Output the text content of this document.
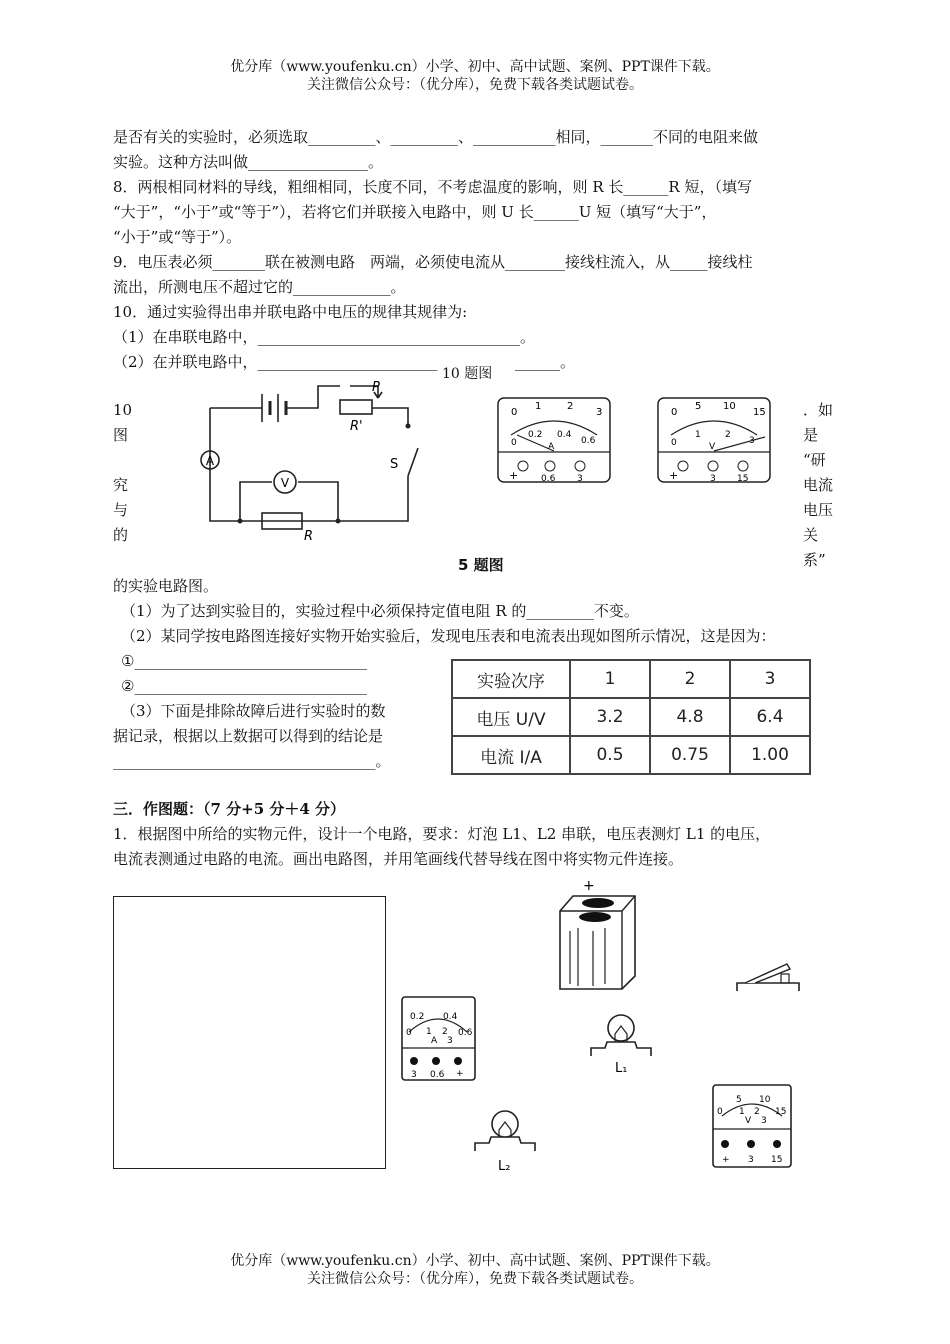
优分库（www.youfenku.cn）小学、初中、高中试题、案例、PPT课件下载。
关注微信公众号：（优分库），免费下载各类试题试卷。
是否有关的实验时，必须选取_________、_________、___________相同，_______不同的电阻来做
实验。这种方法叫做________________。
8．两根相同材料的导线，粗细相同，长度不同，不考虑温度的影响，则 R 长______R 短，（填写
“大于”，“小于”或“等于”），若将它们并联接入电路中，则 U 长______U 短（填写“大于”，
“小于”或“等于”）。
9．电压表必须_______联在被测电路　两端，必须使电流从________接线柱流入，从_____接线柱
流出，所测电压不超过它的_____________。
10．通过实验得出串并联电路中电压的规律其规律为:
（1）在串联电路中，___________________________________。
（2）在并联电路中，________________________	______。
10 题图
10
图
究
与
的
．如
是
“研
电流
电压
关
系”
P
R'
A
V
S
R
0
1	2
3
0
0.2 0.4
0.6
A
+	0.6 3
0
5 10
15
0
1	2
3
V
+	3 15
5 题图
的实验电路图。
（1）为了达到实验目的，实验过程中必须保持定值电阻 R 的_________不变。
（2）某同学按电路图连接好实物开始实验后，发现电压表和电流表出现如图所示情况，这是因为：
①_______________________________
②_______________________________
（3）下面是排除故障后进行实验时的数
据记录，根据以上数据可以得到的结论是
___________________________________。
实验次序	1	2	3
电压 U/V	3.2	4.8	6.4
电流 I/A	0.5	0.75	1.00
三．作图题：（7 分+5 分＋4 分）
1．根据图中所给的实物元件，设计一个电路，要求：灯泡 L1、L2 串联，电压表测灯 L1 的电压，
电流表测通过电路的电流。画出电路图，并用笔画线代替导线在图中将实物元件连接。
+
0.2 0.4
0 1 2 0.6
A 3
3 0.6 +	L₁
L₂
5 10
0 1 2 15
V 3
+ 3 15
优分库（www.youfenku.cn）小学、初中、高中试题、案例、PPT课件下载。
关注微信公众号：（优分库），免费下载各类试题试卷。
